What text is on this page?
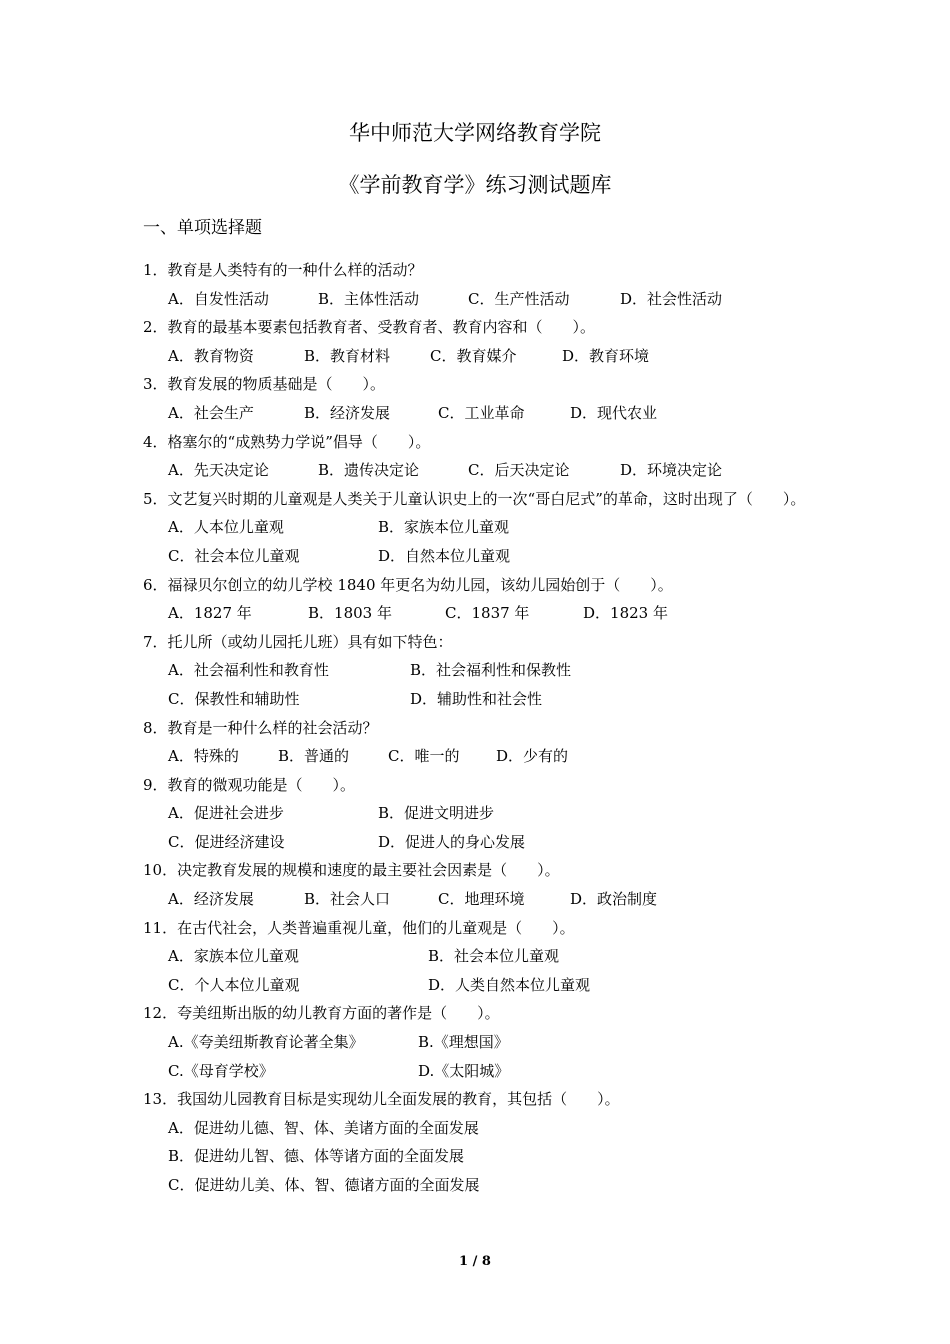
华中师范大学网络教育学院
《学前教育学》练习测试题库
一、单项选择题
1．教育是人类特有的一种什么样的活动？
A．自发性活动	B．主体性活动	C．生产性活动	D．社会性活动
2．教育的最基本要素包括教育者、受教育者、教育内容和（　　）。
A．教育物资	B．教育材料	C．教育媒介	D．教育环境
3．教育发展的物质基础是（　　）。
A．社会生产	B．经济发展	C．工业革命	D．现代农业
4．格塞尔的“成熟势力学说”倡导（　　）。
A．先天决定论	B．遗传决定论	C．后天决定论	D．环境决定论
5．文艺复兴时期的儿童观是人类关于儿童认识史上的一次“哥白尼式”的革命，这时出现了（　　）。
A．人本位儿童观	B．家族本位儿童观
C．社会本位儿童观	D．自然本位儿童观
6．福禄贝尔创立的幼儿学校 1840 年更名为幼儿园，该幼儿园始创于（　　）。
A．1827 年	B．1803 年	C．1837 年	D．1823 年
7．托儿所（或幼儿园托儿班）具有如下特色：
A．社会福利性和教育性	B．社会福利性和保教性
C．保教性和辅助性	D．辅助性和社会性
8．教育是一种什么样的社会活动？
A．特殊的	B．普通的	C．唯一的 D．少有的
9．教育的微观功能是（　　）。
A．促进社会进步	B．促进文明进步
C．促进经济建设	D．促进人的身心发展
10．决定教育发展的规模和速度的最主要社会因素是（　　）。
A．经济发展	B．社会人口	C．地理环境	D．政治制度
11．在古代社会，人类普遍重视儿童，他们的儿童观是（　　）。
A．家族本位儿童观	B．社会本位儿童观
C．个人本位儿童观	D．人类自然本位儿童观
12．夸美纽斯出版的幼儿教育方面的著作是（　　）。
A.《夸美纽斯教育论著全集》	B.《理想国》
C.《母育学校》	D.《太阳城》
13．我国幼儿园教育目标是实现幼儿全面发展的教育，其包括（　　）。
A．促进幼儿德、智、体、美诸方面的全面发展
B．促进幼儿智、德、体等诸方面的全面发展
C．促进幼儿美、体、智、德诸方面的全面发展
1 / 8
